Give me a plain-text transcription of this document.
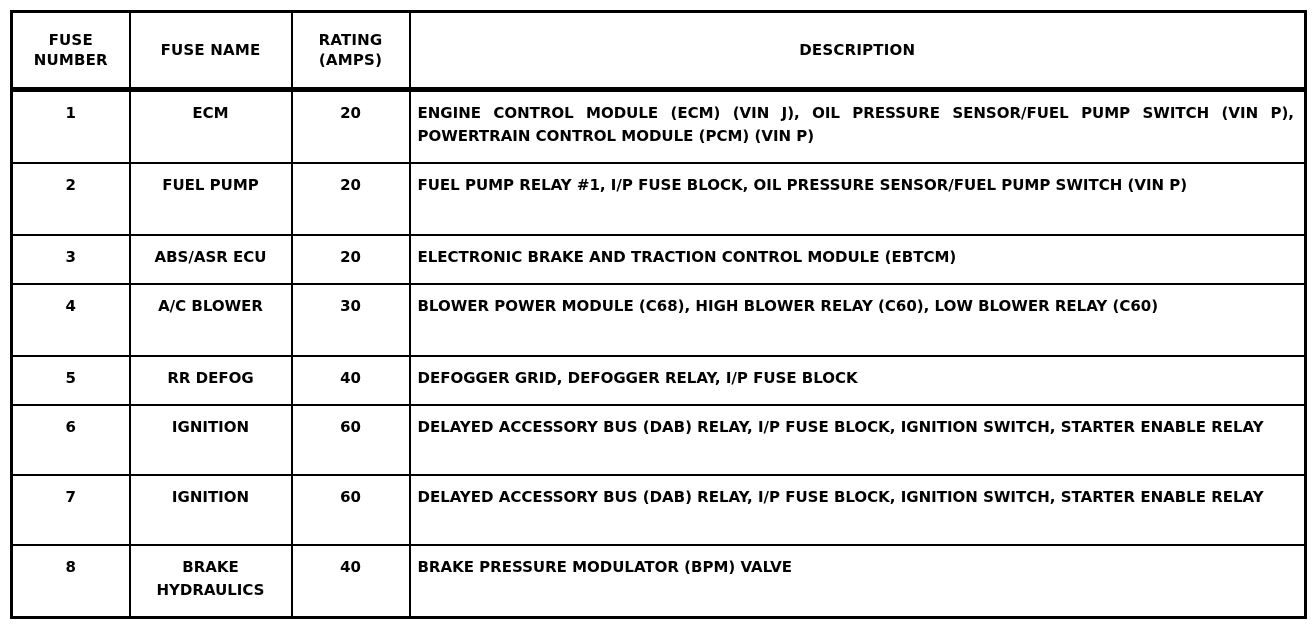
FUSE NUMBER	FUSE NAME	RATING (AMPS)	DESCRIPTION
1	ECM	20	ENGINE CONTROL MODULE (ECM) (VIN J), OIL PRESSURE SENSOR/FUEL PUMP SWITCH (VIN P), POWERTRAIN CONTROL MODULE (PCM) (VIN P)
2	FUEL PUMP	20	FUEL PUMP RELAY #1, I/P FUSE BLOCK, OIL PRESSURE SENSOR/FUEL PUMP SWITCH (VIN P)
3	ABS/ASR ECU	20	ELECTRONIC BRAKE AND TRACTION CONTROL MODULE (EBTCM)
4	A/C BLOWER	30	BLOWER POWER MODULE (C68), HIGH BLOWER RELAY (C60), LOW BLOWER RELAY (C60)
5	RR DEFOG	40	DEFOGGER GRID, DEFOGGER RELAY, I/P FUSE BLOCK
6	IGNITION	60	DELAYED ACCESSORY BUS (DAB) RELAY, I/P FUSE BLOCK, IGNITION SWITCH, STARTER ENABLE RELAY
7	IGNITION	60	DELAYED ACCESSORY BUS (DAB) RELAY, I/P FUSE BLOCK, IGNITION SWITCH, STARTER ENABLE RELAY
8	BRAKE HYDRAULICS	40	BRAKE PRESSURE MODULATOR (BPM) VALVE
